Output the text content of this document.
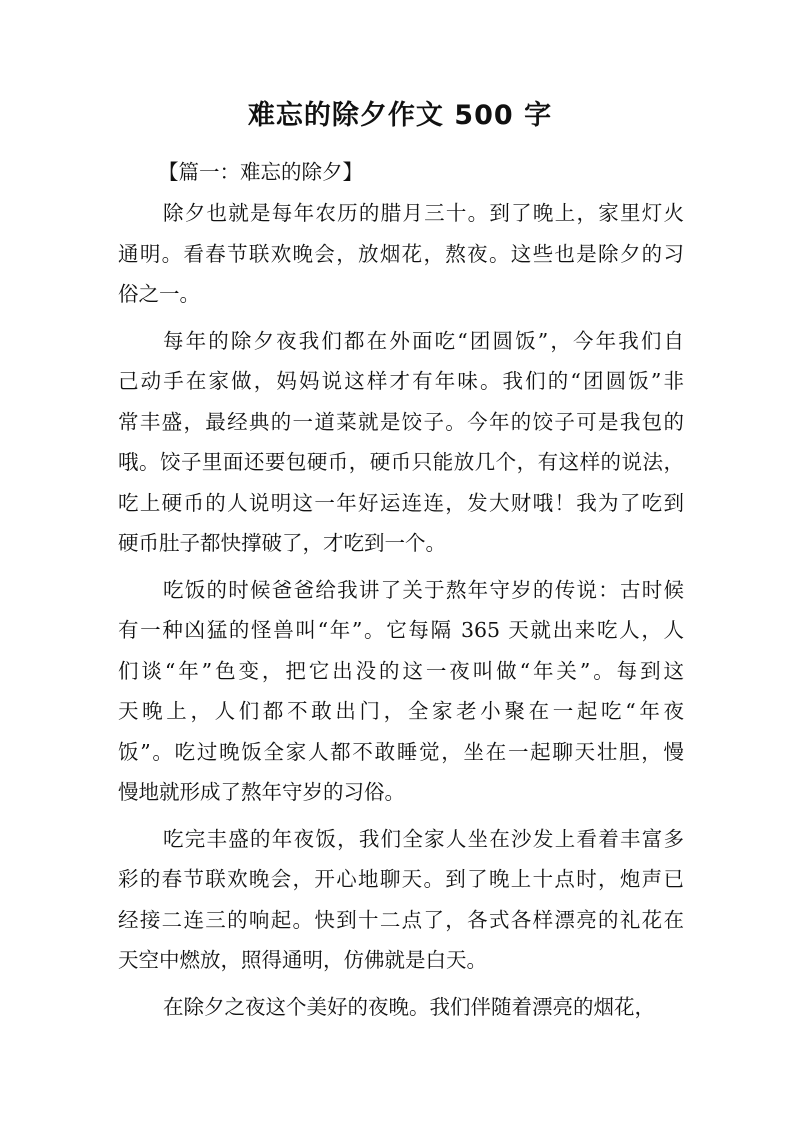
难忘的除夕作文 500 字
【篇一：难忘的除夕】
除夕也就是每年农历的腊月三十。到了晚上，家里灯火
通明。看春节联欢晚会，放烟花，熬夜。这些也是除夕的习
俗之一。
每年的除夕夜我们都在外面吃“团圆饭”，今年我们自
己动手在家做，妈妈说这样才有年味。我们的“团圆饭”非
常丰盛，最经典的一道菜就是饺子。今年的饺子可是我包的
哦。饺子里面还要包硬币，硬币只能放几个，有这样的说法，
吃上硬币的人说明这一年好运连连，发大财哦！我为了吃到
硬币肚子都快撑破了，才吃到一个。
吃饭的时候爸爸给我讲了关于熬年守岁的传说：古时候
有一种凶猛的怪兽叫“年”。它每隔 365 天就出来吃人，人
们谈“年”色变，把它出没的这一夜叫做“年关”。每到这
天晚上，人们都不敢出门，全家老小聚在一起吃“年夜
饭”。吃过晚饭全家人都不敢睡觉，坐在一起聊天壮胆，慢
慢地就形成了熬年守岁的习俗。
吃完丰盛的年夜饭，我们全家人坐在沙发上看着丰富多
彩的春节联欢晚会，开心地聊天。到了晚上十点时，炮声已
经接二连三的响起。快到十二点了，各式各样漂亮的礼花在
天空中燃放，照得通明，仿佛就是白天。
在除夕之夜这个美好的夜晚。我们伴随着漂亮的烟花，
